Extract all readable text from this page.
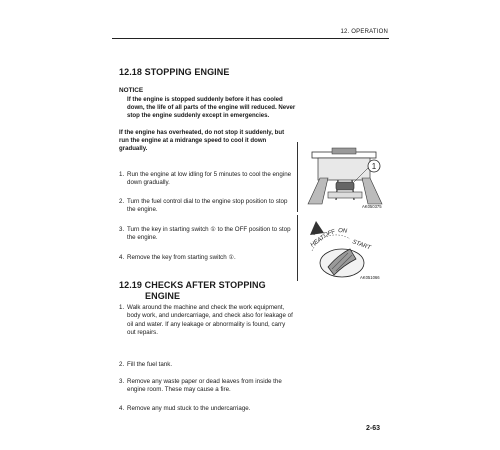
12. OPERATION
12.18 STOPPING ENGINE
NOTICE
If the engine is stopped suddenly before it has cooled down, the life of all parts of the engine will reduced. Never stop the engine suddenly except in emergencies.
If the engine has overheated, do not stop it suddenly, but run the engine at a midrange speed to cool it down gradually.
1. Run the engine at low idling for 5 minutes to cool the engine down gradually.
2. Turn the fuel control dial to the engine stop position to stop the engine.
3. Turn the key in starting switch ① to the OFF position to stop the engine.
4. Remove the key from starting switch ①.
12.19 CHECKS AFTER STOPPING
ENGINE
1. Walk around the machine and check the work equipment, body work, and undercarriage, and check also for leakage of oil and water. If any leakage or abnormality is found, carry out repairs.
2. Fill the fuel tank.
3. Remove any waste paper or dead leaves from inside the engine room. These may cause a fire.
4. Remove any mud stuck to the undercarriage.
1
AK050375
HEAT
OFF ON
START
AK051066
2-63
